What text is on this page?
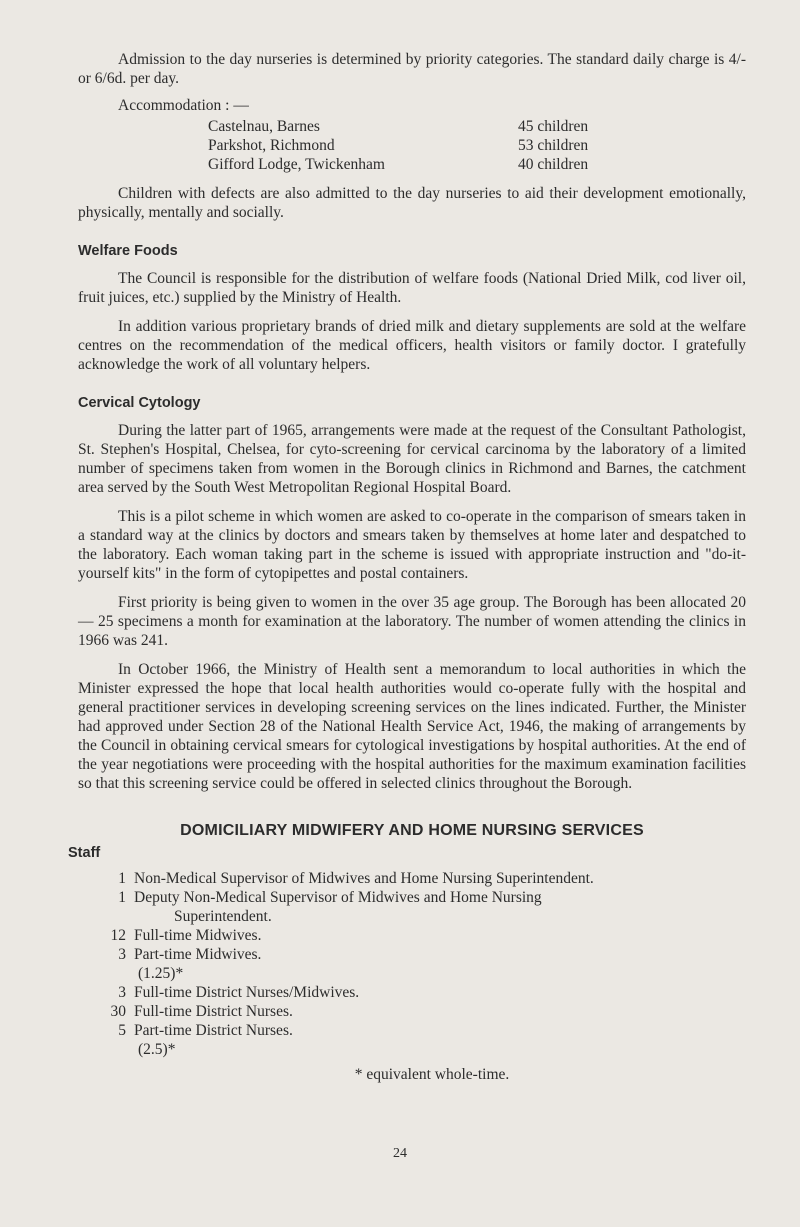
Admission to the day nurseries is determined by priority categories. The standard daily charge is 4/- or 6/6d. per day.

Accommodation : —
Castelnau, Barnes	45 children
Parkshot, Richmond	53 children
Gifford Lodge, Twickenham	40 children

Children with defects are also admitted to the day nurseries to aid their development emotionally, physically, mentally and socially.

Welfare Foods

The Council is responsible for the distribution of welfare foods (National Dried Milk, cod liver oil, fruit juices, etc.) supplied by the Ministry of Health.

In addition various proprietary brands of dried milk and dietary supplements are sold at the welfare centres on the recommendation of the medical officers, health visitors or family doctor. I gratefully acknowledge the work of all voluntary helpers.

Cervical Cytology

During the latter part of 1965, arrangements were made at the request of the Consultant Pathologist, St. Stephen's Hospital, Chelsea, for cyto-screening for cervical carcinoma by the laboratory of a limited number of specimens taken from women in the Borough clinics in Richmond and Barnes, the catchment area served by the South West Metropolitan Regional Hospital Board.

This is a pilot scheme in which women are asked to co-operate in the comparison of smears taken in a standard way at the clinics by doctors and smears taken by themselves at home later and despatched to the laboratory. Each woman taking part in the scheme is issued with appropriate instruction and "do-it-yourself kits" in the form of cytopipettes and postal containers.

First priority is being given to women in the over 35 age group. The Borough has been allocated 20 — 25 specimens a month for examination at the laboratory. The number of women attending the clinics in 1966 was 241.

In October 1966, the Ministry of Health sent a memorandum to local authorities in which the Minister expressed the hope that local health authorities would co-operate fully with the hospital and general practitioner services in developing screening services on the lines indicated. Further, the Minister had approved under Section 28 of the National Health Service Act, 1946, the making of arrangements by the Council in obtaining cervical smears for cytological investigations by hospital authorities. At the end of the year negotiations were proceeding with the hospital authorities for the maximum examination facilities so that this screening service could be offered in selected clinics throughout the Borough.

DOMICILIARY MIDWIFERY AND HOME NURSING SERVICES
Staff
1 Non-Medical Supervisor of Midwives and Home Nursing Superintendent.
1 Deputy Non-Medical Supervisor of Midwives and Home Nursing
Superintendent.
12 Full-time Midwives.
3 Part-time Midwives.
(1.25)*
3 Full-time District Nurses/Midwives.
30 Full-time District Nurses.
5 Part-time District Nurses.
(2.5)*
* equivalent whole-time.
24
